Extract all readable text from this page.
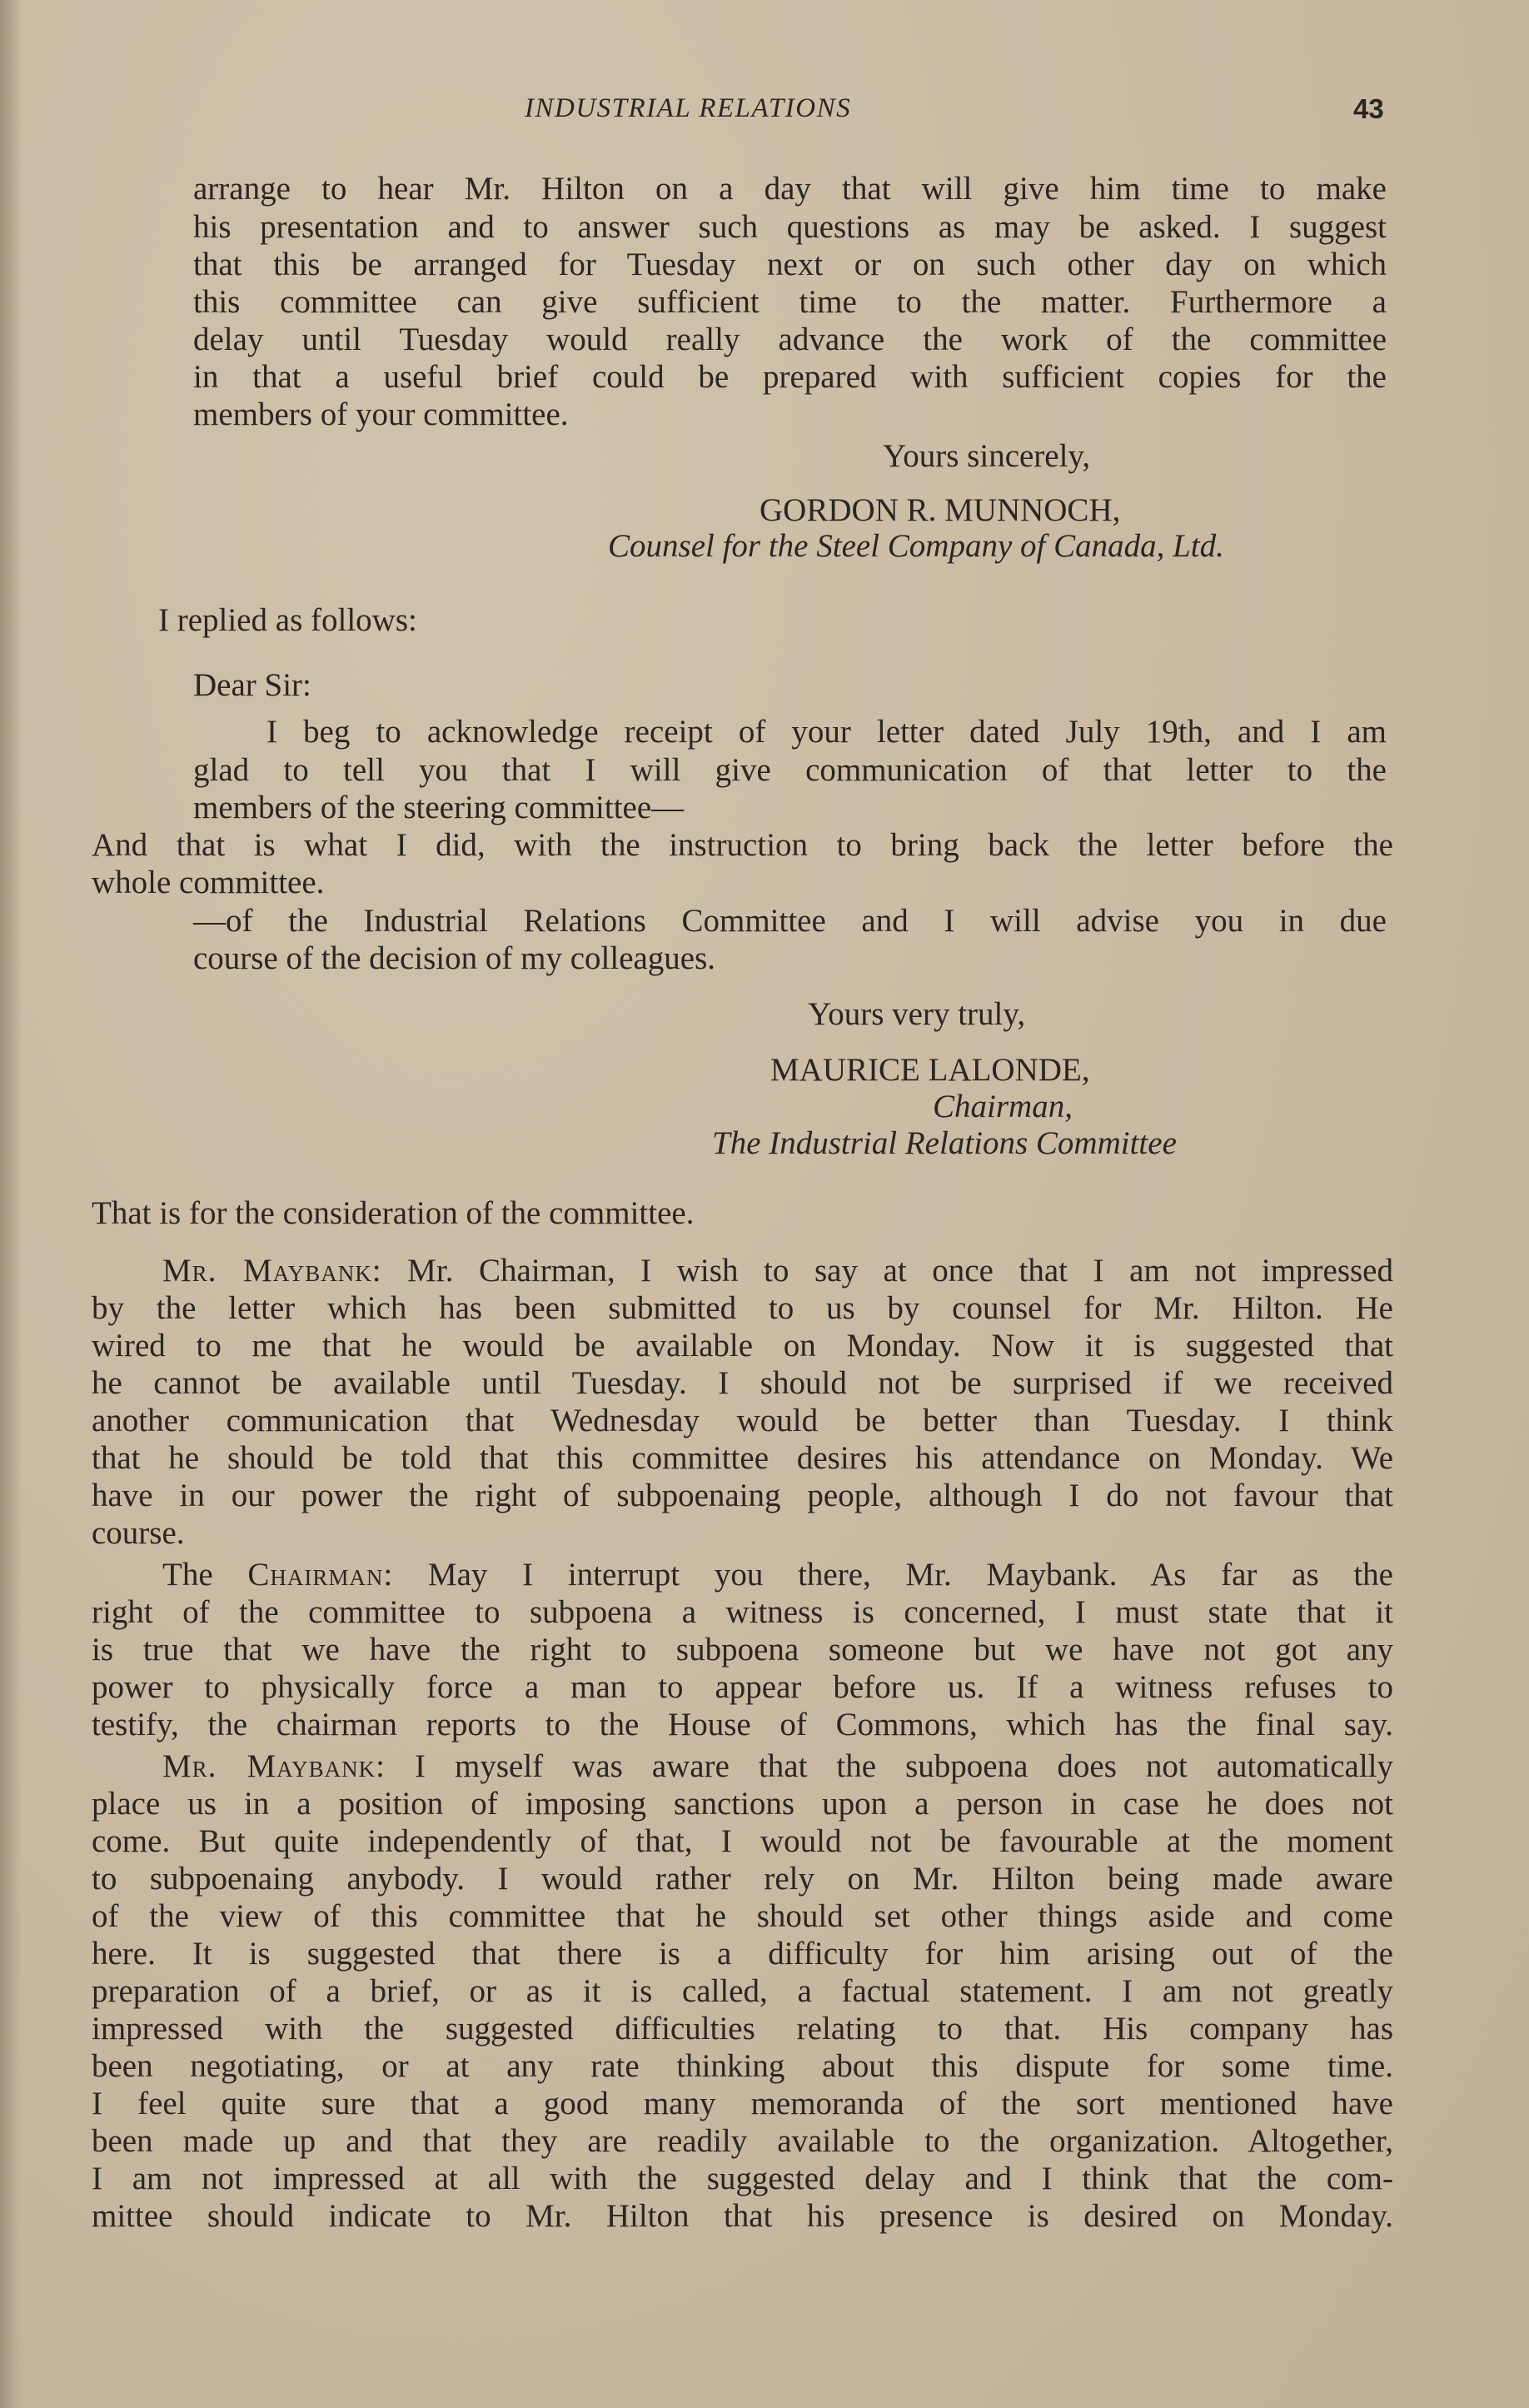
INDUSTRIAL RELATIONS	43
arrange to hear Mr. Hilton on a day that will give him time to make
his presentation and to answer such questions as may be asked. I suggest
that this be arranged for Tuesday next or on such other day on which
this committee can give sufficient time to the matter. Furthermore a
delay until Tuesday would really advance the work of the committee
in that a useful brief could be prepared with sufficient copies for the
members of your committee.
Yours sincerely,
GORDON R. MUNNOCH,
Counsel for the Steel Company of Canada, Ltd.
I replied as follows:
Dear Sir:
I beg to acknowledge receipt of your letter dated July 19th, and I am
glad to tell you that I will give communication of that letter to the
members of the steering committee—
And that is what I did, with the instruction to bring back the letter before the
whole committee.
—of the Industrial Relations Committee and I will advise you in due
course of the decision of my colleagues.
Yours very truly,
MAURICE LALONDE,
Chairman,
The Industrial Relations Committee
That is for the consideration of the committee.
Mr. Maybank: Mr. Chairman, I wish to say at once that I am not impressed
by the letter which has been submitted to us by counsel for Mr. Hilton. He
wired to me that he would be available on Monday. Now it is suggested that
he cannot be available until Tuesday. I should not be surprised if we received
another communication that Wednesday would be better than Tuesday. I think
that he should be told that this committee desires his attendance on Monday. We
have in our power the right of subpoenaing people, although I do not favour that
course.
The Chairman: May I interrupt you there, Mr. Maybank. As far as the
right of the committee to subpoena a witness is concerned, I must state that it
is true that we have the right to subpoena someone but we have not got any
power to physically force a man to appear before us. If a witness refuses to
testify, the chairman reports to the House of Commons, which has the final say.
Mr. Maybank: I myself was aware that the subpoena does not automatically
place us in a position of imposing sanctions upon a person in case he does not
come. But quite independently of that, I would not be favourable at the moment
to subpoenaing anybody. I would rather rely on Mr. Hilton being made aware
of the view of this committee that he should set other things aside and come
here. It is suggested that there is a difficulty for him arising out of the
preparation of a brief, or as it is called, a factual statement. I am not greatly
impressed with the suggested difficulties relating to that. His company has
been negotiating, or at any rate thinking about this dispute for some time.
I feel quite sure that a good many memoranda of the sort mentioned have
been made up and that they are readily available to the organization. Altogether,
I am not impressed at all with the suggested delay and I think that the com-
mittee should indicate to Mr. Hilton that his presence is desired on Monday.
